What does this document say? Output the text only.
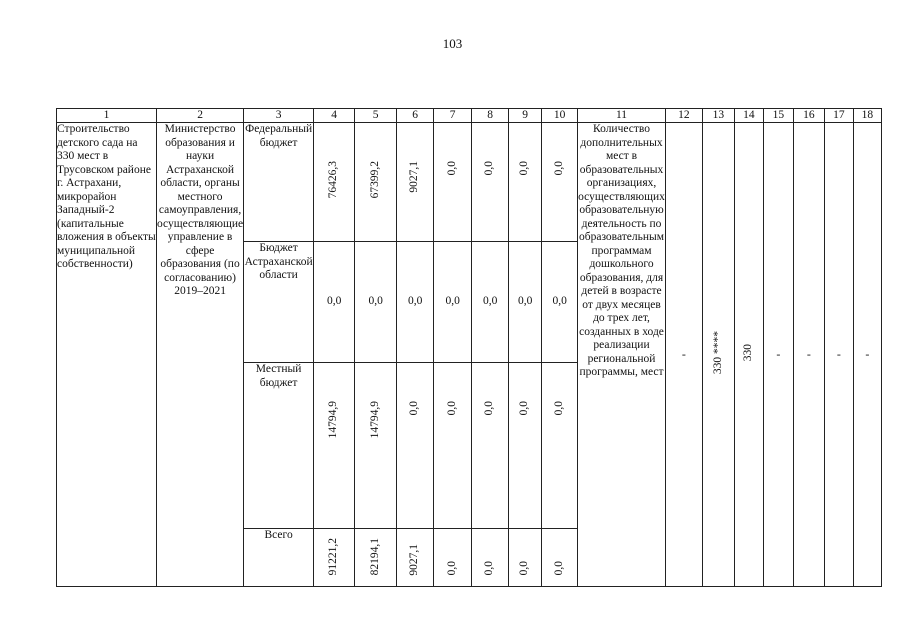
103
1	2	3	4	5	6	7	8	9	10	11	12	13	14	15	16	17	18
Строительство детского сада на 330 мест в Трусовском районе г. Астрахани, микрорайон Западный-2 (капитальные вложения в объекты муниципальной собственности)	Министерство образования и науки Астраханской области, органы местного самоуправления, осуществляющие управление в сфере образования (по согласованию) 2019–2021	Федеральный бюджет	76426,3	67399,2	9027,1	0,0	0,0	0,0	0,0	Количество дополнительных мест в образовательных организациях, осуществляющих образовательную деятельность по образовательным программам дошкольного образования, для детей в возрасте от двух месяцев до трех лет, созданных в ходе реализации региональной программы, мест	-	330 ****	330	-	-	-	-
		Бюджет Астраханской области	0,0	0,0	0,0	0,0	0,0	0,0	0,0								
		Местный бюджет	14794,9	14794,9	0,0	0,0	0,0	0,0	0,0								
		Всего	91221,2	82194,1	9027,1	0,0	0,0	0,0	0,0								
